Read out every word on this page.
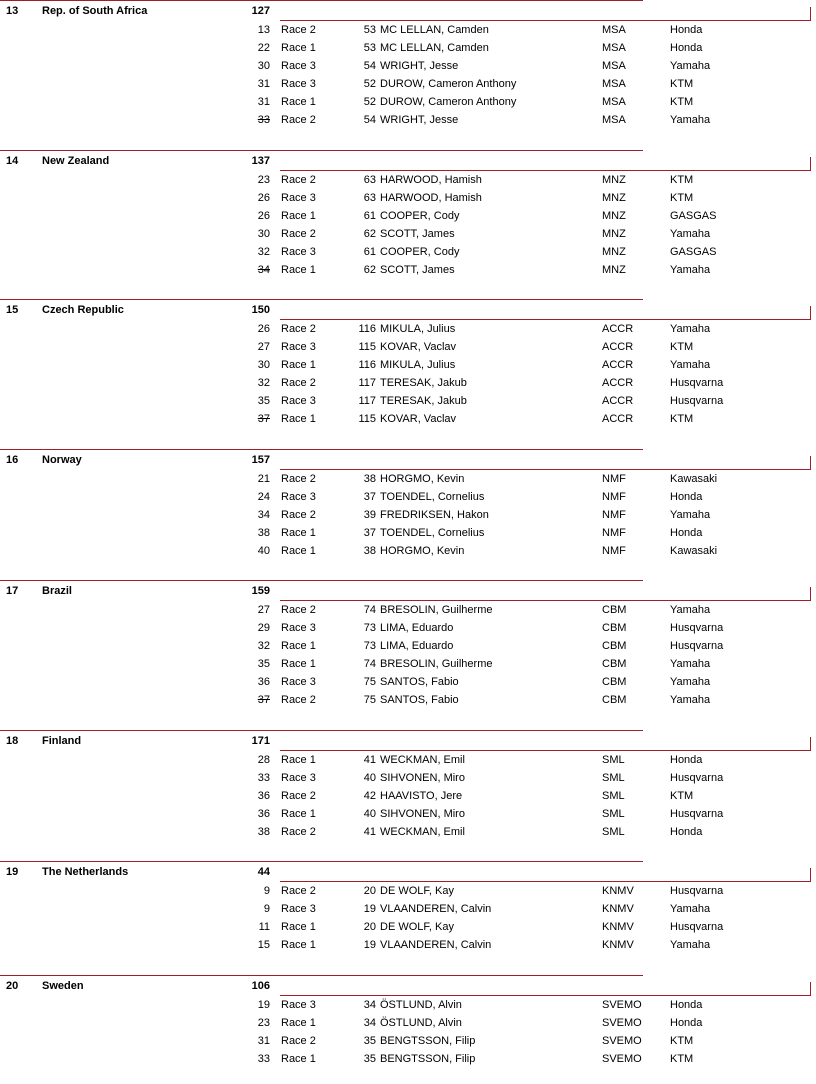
13 Rep. of South Africa	127
13 Race 2	53 MC LELLAN, Camden	MSA	Honda
22 Race 1	53 MC LELLAN, Camden	MSA	Honda
30 Race 3	54 WRIGHT, Jesse	MSA	Yamaha
31 Race 3	52 DUROW, Cameron Anthony	MSA	KTM
31 Race 1	52 DUROW, Cameron Anthony	MSA	KTM
33 Race 2	54 WRIGHT, Jesse	MSA	Yamaha
14 New Zealand	137
23 Race 2	63 HARWOOD, Hamish	MNZ	KTM
26 Race 3	63 HARWOOD, Hamish	MNZ	KTM
26 Race 1	61 COOPER, Cody	MNZ	GASGAS
30 Race 2	62 SCOTT, James	MNZ	Yamaha
32 Race 3	61 COOPER, Cody	MNZ	GASGAS
34 Race 1	62 SCOTT, James	MNZ	Yamaha
15 Czech Republic	150
26 Race 2	116 MIKULA, Julius	ACCR	Yamaha
27 Race 3	115 KOVAR, Vaclav	ACCR	KTM
30 Race 1	116 MIKULA, Julius	ACCR	Yamaha
32 Race 2	117 TERESAK, Jakub	ACCR	Husqvarna
35 Race 3	117 TERESAK, Jakub	ACCR	Husqvarna
37 Race 1	115 KOVAR, Vaclav	ACCR	KTM
16 Norway	157
21 Race 2	38 HORGMO, Kevin	NMF	Kawasaki
24 Race 3	37 TOENDEL, Cornelius	NMF	Honda
34 Race 2	39 FREDRIKSEN, Hakon	NMF	Yamaha
38 Race 1	37 TOENDEL, Cornelius	NMF	Honda
40 Race 1	38 HORGMO, Kevin	NMF	Kawasaki
17 Brazil	159
27 Race 2	74 BRESOLIN, Guilherme	CBM	Yamaha
29 Race 3	73 LIMA, Eduardo	CBM	Husqvarna
32 Race 1	73 LIMA, Eduardo	CBM	Husqvarna
35 Race 1	74 BRESOLIN, Guilherme	CBM	Yamaha
36 Race 3	75 SANTOS, Fabio	CBM	Yamaha
37 Race 2	75 SANTOS, Fabio	CBM	Yamaha
18 Finland	171
28 Race 1	41 WECKMAN, Emil	SML	Honda
33 Race 3	40 SIHVONEN, Miro	SML	Husqvarna
36 Race 2	42 HAAVISTO, Jere	SML	KTM
36 Race 1	40 SIHVONEN, Miro	SML	Husqvarna
38 Race 2	41 WECKMAN, Emil	SML	Honda
19 The Netherlands	44
9 Race 2	20 DE WOLF, Kay	KNMV	Husqvarna
9 Race 3	19 VLAANDEREN, Calvin	KNMV	Yamaha
11 Race 1	20 DE WOLF, Kay	KNMV	Husqvarna
15 Race 1	19 VLAANDEREN, Calvin	KNMV	Yamaha
20 Sweden	106
19 Race 3	34 ÖSTLUND, Alvin	SVEMO	Honda
23 Race 1	34 ÖSTLUND, Alvin	SVEMO	Honda
31 Race 2	35 BENGTSSON, Filip	SVEMO	KTM
33 Race 1	35 BENGTSSON, Filip	SVEMO	KTM
